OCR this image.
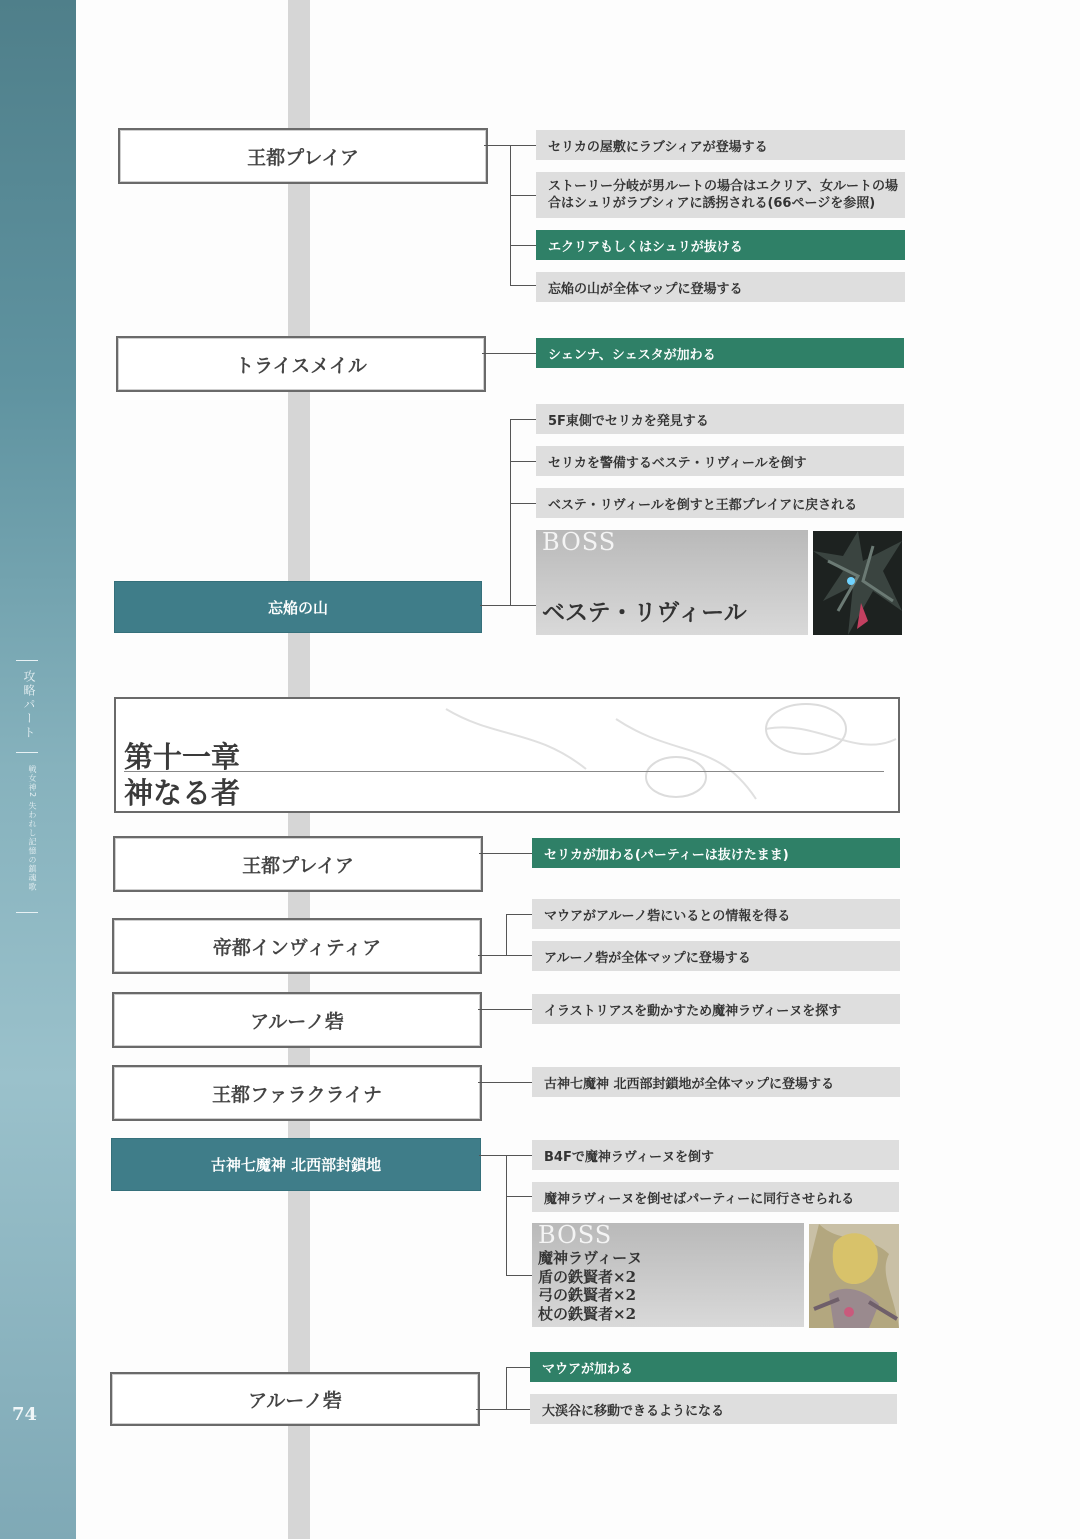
攻略パート
戦女神2 失われし記憶の鎮魂歌
74
王都プレイア	セリカの屋敷にラブシィアが登場する
ストーリー分岐が男ルートの場合はエクリア、女ルートの場合はシュリがラブシィアに誘拐される(66ページを参照)
エクリアもしくはシュリが抜ける
忘焔の山が全体マップに登場する
トライスメイル	シェンナ、シェスタが加わる
忘焔の山
5F東側でセリカを発見する
セリカを警備するベステ・リヴィールを倒す
ベステ・リヴィールを倒すと王都プレイアに戻される
BOSS
ベステ・リヴィール
第十一章
神なる者
王都プレイア	セリカが加わる(パーティーは抜けたまま)
帝都インヴィティア
マウアがアルーノ砦にいるとの情報を得る
アルーノ砦が全体マップに登場する
アルーノ砦	イラストリアスを動かすため魔神ラヴィーヌを探す
王都ファラクライナ	古神七魔神 北西部封鎖地が全体マップに登場する
古神七魔神 北西部封鎖地	B4Fで魔神ラヴィーヌを倒す
魔神ラヴィーヌを倒せばパーティーに同行させられる
BOSS
魔神ラヴィーヌ
盾の鉄賢者×2
弓の鉄賢者×2
杖の鉄賢者×2
アルーノ砦
マウアが加わる
大渓谷に移動できるようになる
